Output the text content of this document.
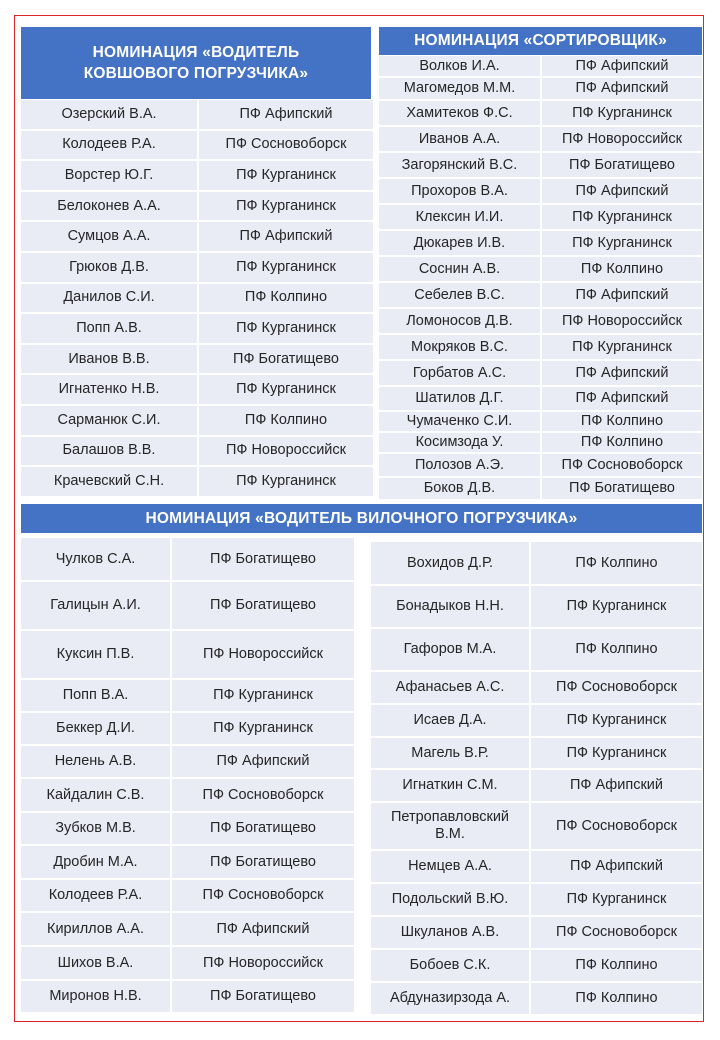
НОМИНАЦИЯ «ВОДИТЕЛЬ КОВШОВОГО ПОГРУЗЧИКА»
Озерский В.А.	ПФ Афипский
Колодеев Р.А.	ПФ Сосновоборск
Ворстер Ю.Г.	ПФ Курганинск
Белоконев А.А.	ПФ Курганинск
Сумцов А.А.	ПФ Афипский
Грюков Д.В.	ПФ Курганинск
Данилов С.И.	ПФ Колпино
Попп А.В.	ПФ Курганинск
Иванов В.В.	ПФ Богатищево
Игнатенко Н.В.	ПФ Курганинск
Сарманюк С.И.	ПФ Колпино
Балашов В.В.	ПФ Новороссийск
Крачевский С.Н.	ПФ Курганинск
НОМИНАЦИЯ «СОРТИРОВЩИК»
Волков И.А.	ПФ Афипский
Магомедов М.М.	ПФ Афипский
Хамитеков Ф.С.	ПФ Курганинск
Иванов А.А.	ПФ Новороссийск
Загорянский В.С.	ПФ Богатищево
Прохоров В.А.	ПФ Афипский
Клексин И.И.	ПФ Курганинск
Дюкарев И.В.	ПФ Курганинск
Соснин А.В.	ПФ Колпино
Себелев В.С.	ПФ Афипский
Ломоносов Д.В.	ПФ Новороссийск
Мокряков В.С.	ПФ Курганинск
Горбатов А.С.	ПФ Афипский
Шатилов Д.Г.	ПФ Афипский
Чумаченко С.И.	ПФ Колпино
Косимзода У.	ПФ Колпино
Полозов А.Э.	ПФ Сосновоборск
Боков Д.В.	ПФ Богатищево
НОМИНАЦИЯ «ВОДИТЕЛЬ ВИЛОЧНОГО ПОГРУЗЧИКА»
Чулков С.А.	ПФ Богатищево
Галицын А.И.	ПФ Богатищево
Куксин П.В.	ПФ Новороссийск
Попп В.А.	ПФ Курганинск
Беккер Д.И.	ПФ Курганинск
Нелень А.В.	ПФ Афипский
Кайдалин С.В.	ПФ Сосновоборск
Зубков М.В.	ПФ Богатищево
Дробин М.А.	ПФ Богатищево
Колодеев Р.А.	ПФ Сосновоборск
Кириллов А.А.	ПФ Афипский
Шихов В.А.	ПФ Новороссийск
Миронов Н.В.	ПФ Богатищево
Вохидов Д.Р.	ПФ Колпино
Бонадыков Н.Н.	ПФ Курганинск
Гафоров М.А.	ПФ Колпино
Афанасьев А.С.	ПФ Сосновоборск
Исаев Д.А.	ПФ Курганинск
Магель В.Р.	ПФ Курганинск
Игнаткин С.М.	ПФ Афипский
Петропавловский В.М.	ПФ Сосновоборск
Немцев А.А.	ПФ Афипский
Подольский В.Ю.	ПФ Курганинск
Шкуланов А.В.	ПФ Сосновоборск
Бобоев С.К.	ПФ Колпино
Абдуназирзода А.	ПФ Колпино
